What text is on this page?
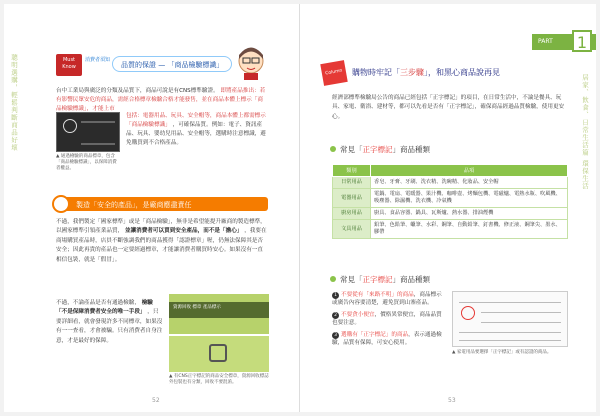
聰明選購，輕鬆判斷商品好壞	Must Know
消費者須知
品質的保證 — 「商品檢驗標識」

台中工業局與廣泛的分類及品質下，商品可說是有CNS標準驗證。 即將產品推出：若有影響民眾安危的商品，需經合格標章檢驗合格才能發售，並在商品本體上標示「商品檢驗標識」，才能上市

▲ 通過檢驗的商品標章，包含「商品檢驗標識」，以保障消費者權益。

包括：電器用品、玩具、安全帽等，商品本體上都需標示「商品檢驗標識」 ，可確保品質。例如：電子、資訊產品、玩具、嬰幼兒用品、安全帽等，選購時注意標識，避免購買到不合格產品。

製造「安全的產品」，是廠商應盡責任

不過，我們製定「國家標準」或是「商品檢驗」，無非是希望能提升廠商的製造標準，以國家標準引領產業品質， 並讓消費者可以買到安全產品，而不是「擔心」 ，我要在商場購買產品時，店員不斷強調我們的商品獲得「認證標章」喔，仍無法保障其是否安全；因此再貴的產品也一定要經過標章，才能讓消費者購買時安心。如果沒有一直相信包裝，就是「假冒」。

不過，不論產品是否有通過檢驗， 檢驗「不是保障消費者安全的唯一手段」 ，只要詳細看，就會發現許多不同標章，如果沒有一一查看，才會被騙。只有消費者自身注意，才是最好的保障。

資源回收 標章 產品標示

▲ 有CNS正字標記的商品安全標章，資源回收標誌外包裝也有分類，回收不要混淆。

52
PART	1
居家、飲食、日常生活篇 環保生活
Column	購物時牢記「三步驟」，和黑心商品說再見

經濟部標準檢驗局公告的商品已經包括「正字標記」的項目，在日常生活中，不論是餐具、玩具、家電、衛浴、建材等，都可以先看是否有「正字標記」，確保商品經過品質檢驗，使用更安心。

常見「正字標記」商品種類
類別	品項
日常用品	香皂、牙膏、牙刷、洗衣精、洗碗精、化妝品、安全帽
電器用品	電鍋、電扇、電暖器、果汁機、咖啡壺、烤麵包機、電磁爐、電熱水瓶、吹風機、吸塵器、除濕機、洗衣機、冷氣機
廚房用品	廚具、食品容器、鍋具、瓦斯爐、熱水器、排油煙機
文具用品	鉛筆、色鉛筆、蠟筆、水彩、鋼筆、自動鉛筆、釘書機、修正液、鋼筆尖、墨水、膠帶
常見「正字標記」商品種類
1 不要從有「來路不明」的商品，商品標示或廣告內容要清楚，避免買到山寨產品。
2 不要貪小便宜，價格異常便宜，商品品質也要注意。
3 選購有「正字標記」的商品，表示通過檢驗，品質有保障，可安心使用。

▲ 家電用品要選擇「正字標記」或有認證的商品。

53
